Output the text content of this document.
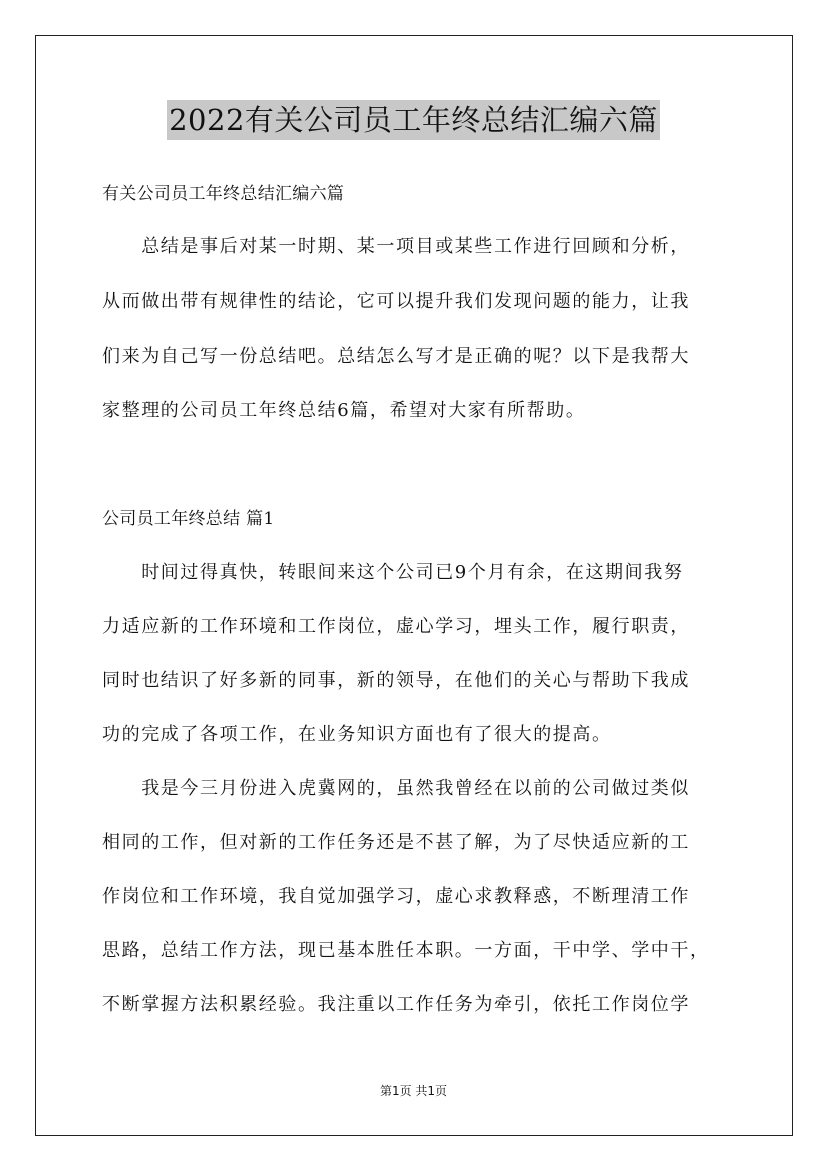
2022有关公司员工年终总结汇编六篇
有关公司员工年终总结汇编六篇
　　总结是事后对某一时期、某一项目或某些工作进行回顾和分析，
从而做出带有规律性的结论，它可以提升我们发现问题的能力，让我
们来为自己写一份总结吧。总结怎么写才是正确的呢？以下是我帮大
家整理的公司员工年终总结6篇，希望对大家有所帮助。
公司员工年终总结 篇1
　　时间过得真快，转眼间来这个公司已9个月有余，在这期间我努
力适应新的工作环境和工作岗位，虚心学习，埋头工作，履行职责，
同时也结识了好多新的同事，新的领导，在他们的关心与帮助下我成
功的完成了各项工作，在业务知识方面也有了很大的提高。
　　我是今三月份进入虎冀网的，虽然我曾经在以前的公司做过类似
相同的工作，但对新的工作任务还是不甚了解，为了尽快适应新的工
作岗位和工作环境，我自觉加强学习，虚心求教释惑，不断理清工作
思路，总结工作方法，现已基本胜任本职。一方面，干中学、学中干，
不断掌握方法积累经验。我注重以工作任务为牵引，依托工作岗位学
第1页 共1页
